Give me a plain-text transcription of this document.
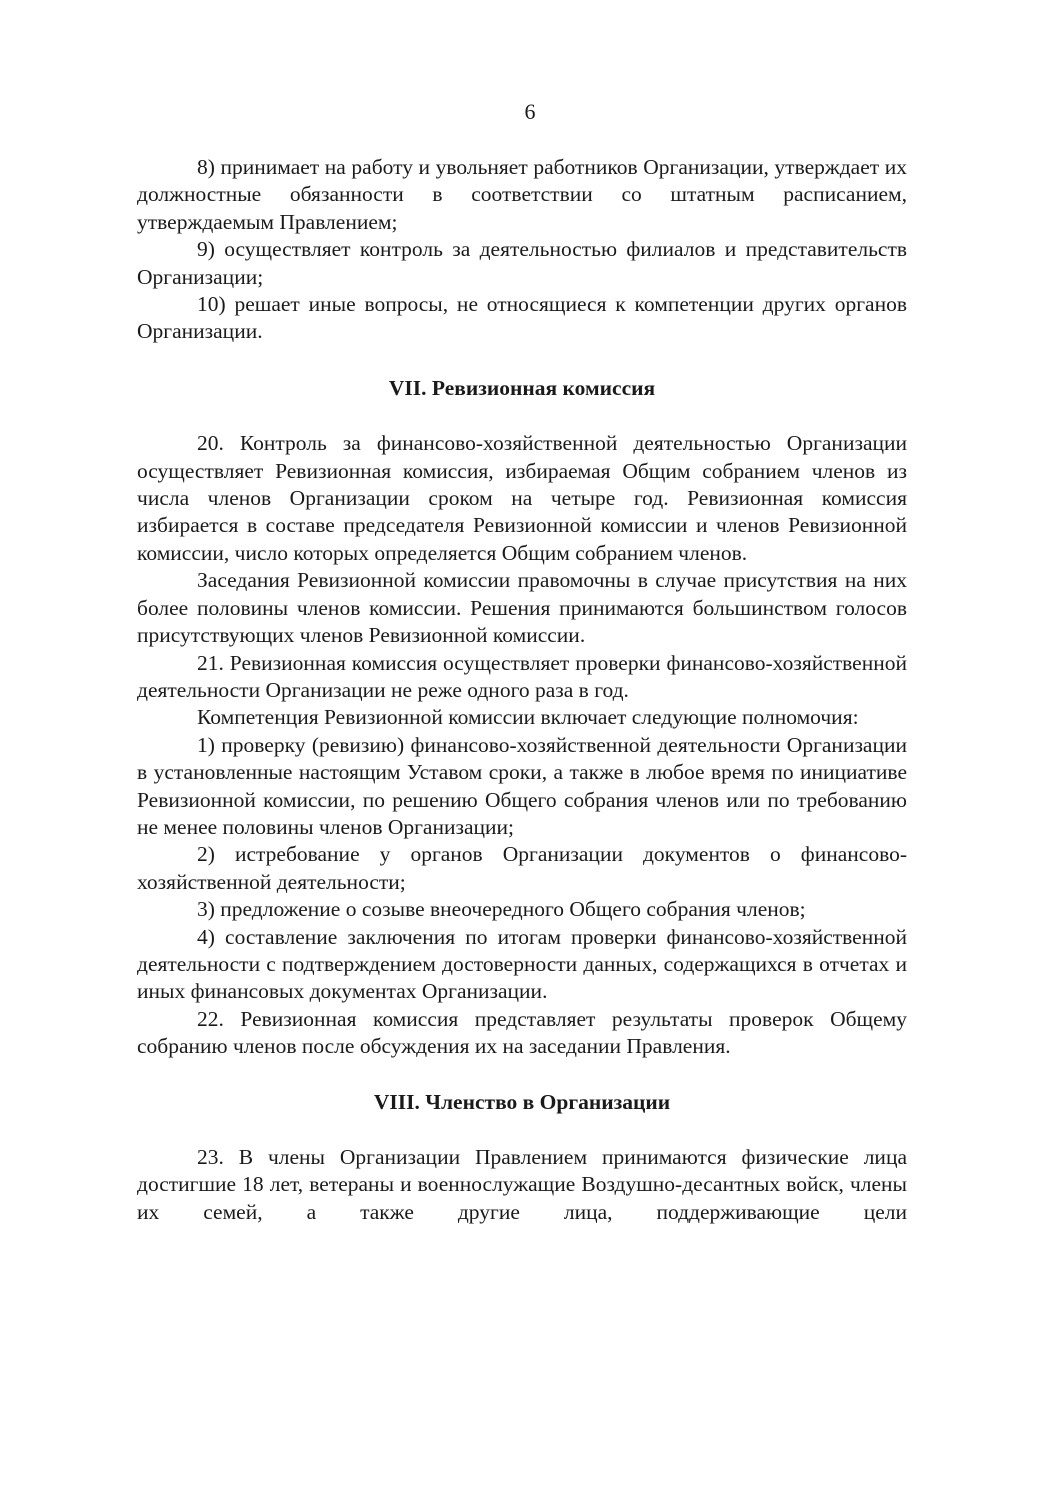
6

8) принимает на работу и увольняет работников Организации, утверждает их должностные обязанности в соответствии со штатным расписанием, утверждаемым Правлением;

9) осуществляет контроль за деятельностью филиалов и представительств Организации;

10) решает иные вопросы, не относящиеся к компетенции других органов Организации.

VII. Ревизионная комиссия

20. Контроль за финансово-хозяйственной деятельностью Организации осуществляет Ревизионная комиссия, избираемая Общим собранием членов из числа членов Организации сроком на четыре год. Ревизионная комиссия избирается в составе председателя Ревизионной комиссии и членов Ревизионной комиссии, число которых определяется Общим собранием членов.

Заседания Ревизионной комиссии правомочны в случае присутствия на них более половины членов комиссии. Решения принимаются большинством голосов присутствующих членов Ревизионной комиссии.

21. Ревизионная комиссия осуществляет проверки финансово-хозяйственной деятельности Организации не реже одного раза в год.

Компетенция Ревизионной комиссии включает следующие полномочия:

1) проверку (ревизию) финансово-хозяйственной деятельности Организации в установленные настоящим Уставом сроки, а также в любое время по инициативе Ревизионной комиссии, по решению Общего собрания членов или по требованию не менее половины членов Организации;

2) истребование у органов Организации документов о финансово-хозяйственной деятельности;

3) предложение о созыве внеочередного Общего собрания членов;

4) составление заключения по итогам проверки финансово-хозяйственной деятельности с подтверждением достоверности данных, содержащихся в отчетах и иных финансовых документах Организации.

22. Ревизионная комиссия представляет результаты проверок Общему собранию членов после обсуждения их на заседании Правления.

VIII. Членство в Организации

23. В члены Организации Правлением принимаются физические лица достигшие 18 лет, ветераны и военнослужащие Воздушно-десантных войск, члены их семей, а также другие лица, поддерживающие цели
